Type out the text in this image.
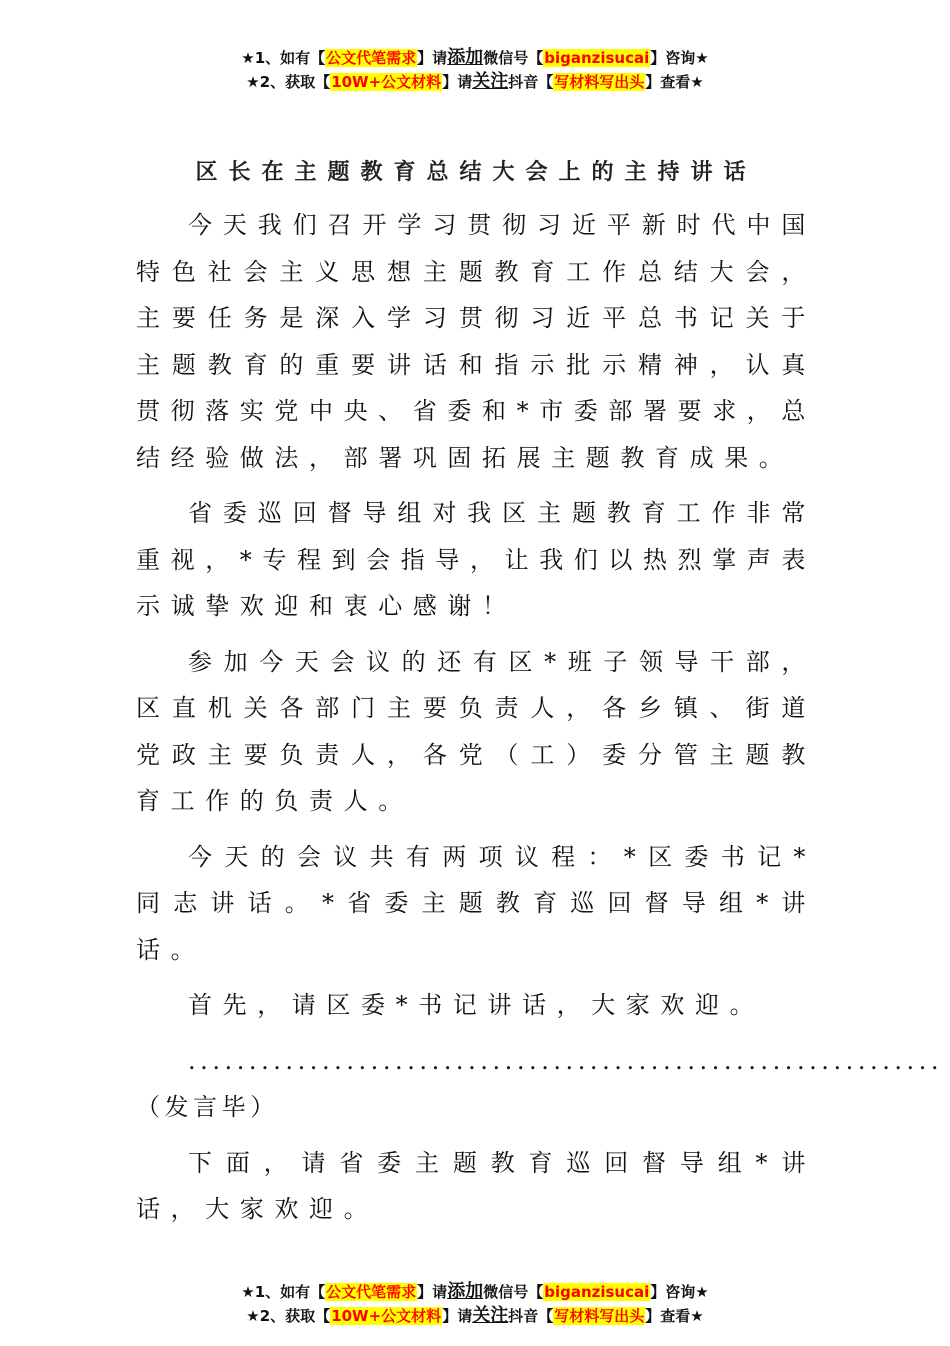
★1、如有【公文代笔需求】请添加微信号【biganzisucai】咨询★
★2、获取【10W+公文材料】请关注抖音【写材料写出头】查看★
区长在主题教育总结大会上的主持讲话

今天我们召开学习贯彻习近平新时代中国特色社会主义思想主题教育工作总结大会，主要任务是深入学习贯彻习近平总书记关于主题教育的重要讲话和指示批示精神，认真贯彻落实党中央、省委和*市委部署要求，总结经验做法，部署巩固拓展主题教育成果。

省委巡回督导组对我区主题教育工作非常重视，*专程到会指导，让我们以热烈掌声表示诚挚欢迎和衷心感谢！

参加今天会议的还有区*班子领导干部，区直机关各部门主要负责人，各乡镇、街道党政主要负责人，各党（工）委分管主题教育工作的负责人。

今天的会议共有两项议程：*区委书记*同志讲话。*省委主题教育巡回督导组*讲话。

首先，请区委*书记讲话，大家欢迎。

..............................................................（发言毕）

下面，请省委主题教育巡回督导组*讲话，大家欢迎。

★1、如有【公文代笔需求】请添加微信号【biganzisucai】咨询★
★2、获取【10W+公文材料】请关注抖音【写材料写出头】查看★
